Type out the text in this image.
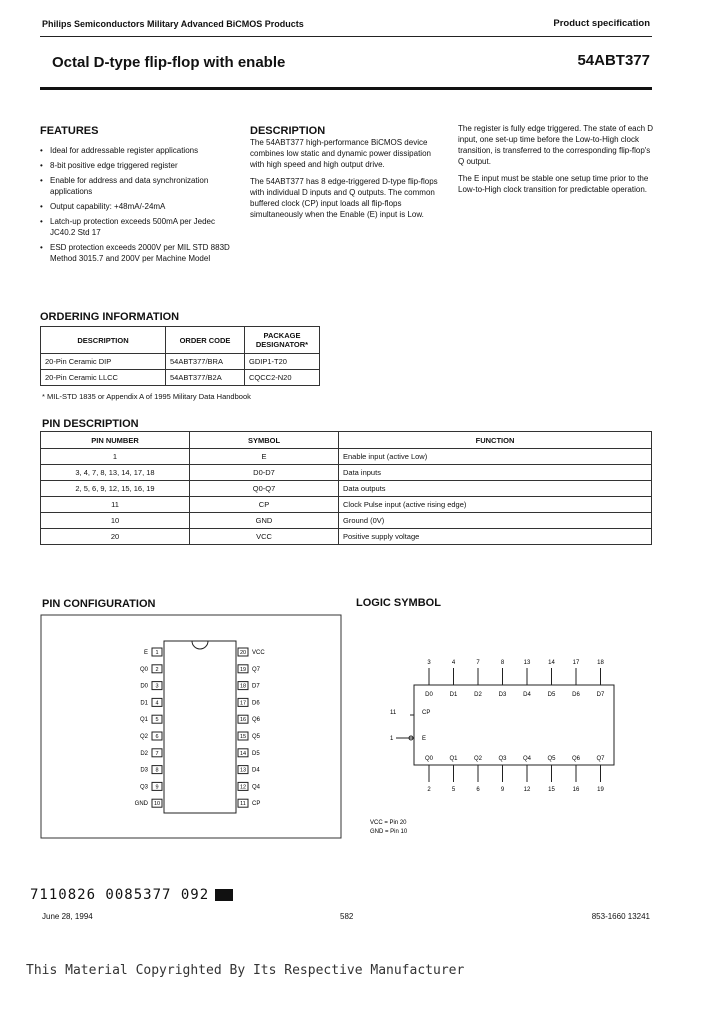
Philips Semiconductors Military Advanced BiCMOS Products	Product specification
Octal D-type flip-flop with enable	54ABT377
FEATURES
• Ideal for addressable register applications
• 8-bit positive edge triggered register
• Enable for address and data synchronization applications
• Output capability: +48mA/-24mA
• Latch-up protection exceeds 500mA per Jedec JC40.2 Std 17
• ESD protection exceeds 2000V per MIL STD 883D Method 3015.7 and 200V per Machine Model
DESCRIPTION

The 54ABT377 high-performance BiCMOS device combines low static and dynamic power dissipation with high speed and high output drive.

The 54ABT377 has 8 edge-triggered D-type flip-flops with individual D inputs and Q outputs. The common buffered clock (CP) input loads all flip-flops simultaneously when the Enable (E) input is Low.

The register is fully edge triggered. The state of each D input, one set-up time before the Low-to-High clock transition, is transferred to the corresponding flip-flop's Q output.

The E input must be stable one setup time prior to the Low-to-High clock transition for predictable operation.

ORDERING INFORMATION
DESCRIPTION	ORDER CODE	PACKAGE DESIGNATOR*
20-Pin Ceramic DIP	54ABT377/BRA	GDIP1-T20
20-Pin Ceramic LLCC	54ABT377/B2A	CQCC2-N20
* MIL-STD 1835 or Appendix A of 1995 Military Data Handbook
PIN DESCRIPTION
PIN NUMBER	SYMBOL	FUNCTION
1	E	Enable input (active Low)
3, 4, 7, 8, 13, 14, 17, 18	D0-D7	Data inputs
2, 5, 6, 9, 12, 15, 16, 19	Q0-Q7	Data outputs
11	CP	Clock Pulse input (active rising edge)
10	GND	Ground (0V)
20	VCC	Positive supply voltage
PIN CONFIGURATION
E 1
Q0 2
D0 3
D1 4
Q1 5
Q2 6
D2 7
D3 8
Q3 9
GND 10
20 VCC
19 Q7
18 D7
17 D6
16 Q6
15 Q5
14 D5
13 D4
12 Q4
11 CP
LOGIC SYMBOL
3
D0
Q0
2
4
D1
Q1
5
7
D2
Q2
6
8
D3
Q3
9
13
D4
Q4
12
14
D5
Q5
15
17
D6
Q6
16
18
D7
Q7
19
11	CP
1	E
VCC = Pin 20
GND = Pin 10
7110826 0085377 092
June 28, 1994	582	853-1660 13241
This Material Copyrighted By Its Respective Manufacturer
